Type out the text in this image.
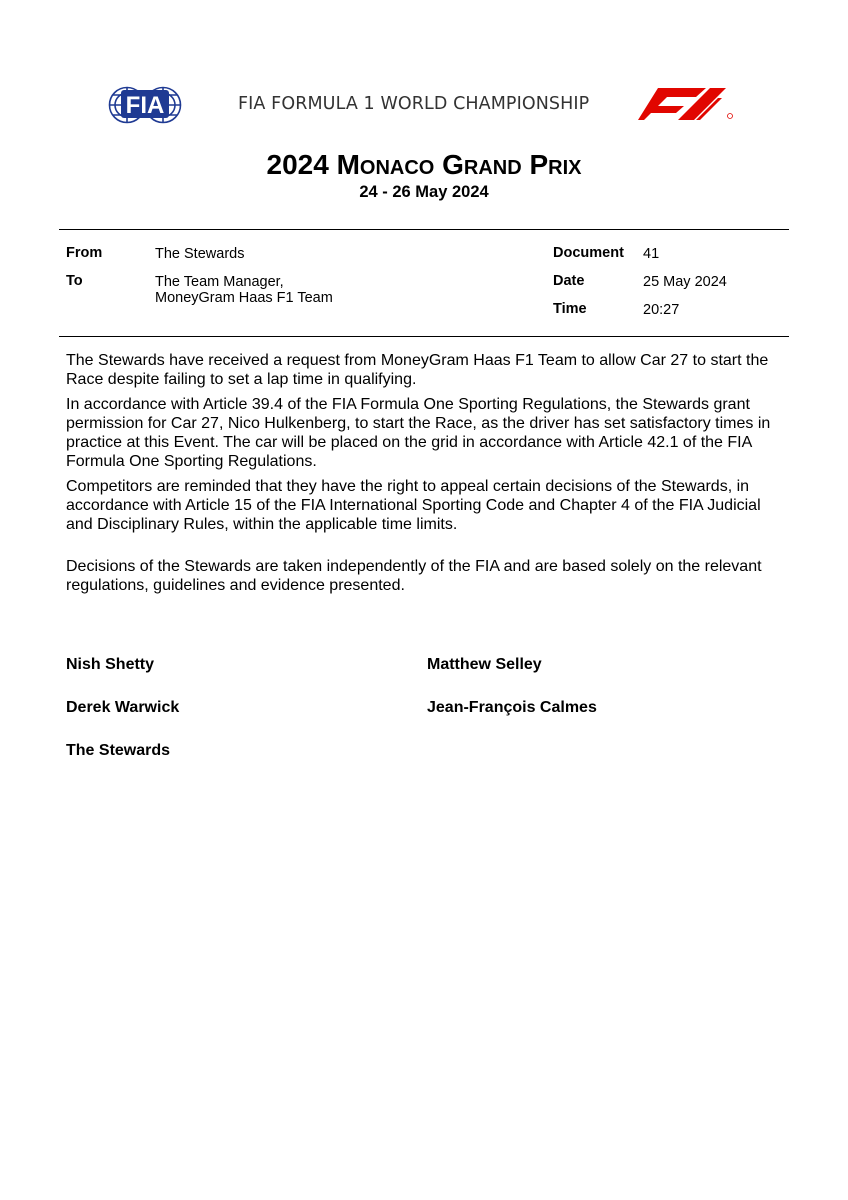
FIA	FIA FORMULA 1 WORLD CHAMPIONSHIP
2024 Monaco Grand Prix
24 - 26 May 2024
From	The Stewards
To	The Team Manager,
MoneyGram Haas F1 Team
Document 41
Date	25 May 2024
Time	20:27

The Stewards have received a request from MoneyGram Haas F1 Team to allow Car 27 to start the Race despite failing to set a lap time in qualifying.

In accordance with Article 39.4 of the FIA Formula One Sporting Regulations, the Stewards grant permission for Car 27, Nico Hulkenberg, to start the Race, as the driver has set satisfactory times in practice at this Event. The car will be placed on the grid in accordance with Article 42.1 of the FIA Formula One Sporting Regulations.

Competitors are reminded that they have the right to appeal certain decisions of the Stewards, in accordance with Article 15 of the FIA International Sporting Code and Chapter 4 of the FIA Judicial and Disciplinary Rules, within the applicable time limits.

Decisions of the Stewards are taken independently of the FIA and are based solely on the relevant regulations, guidelines and evidence presented.

Nish Shetty	Matthew Selley
Derek Warwick	Jean-François Calmes
The Stewards
